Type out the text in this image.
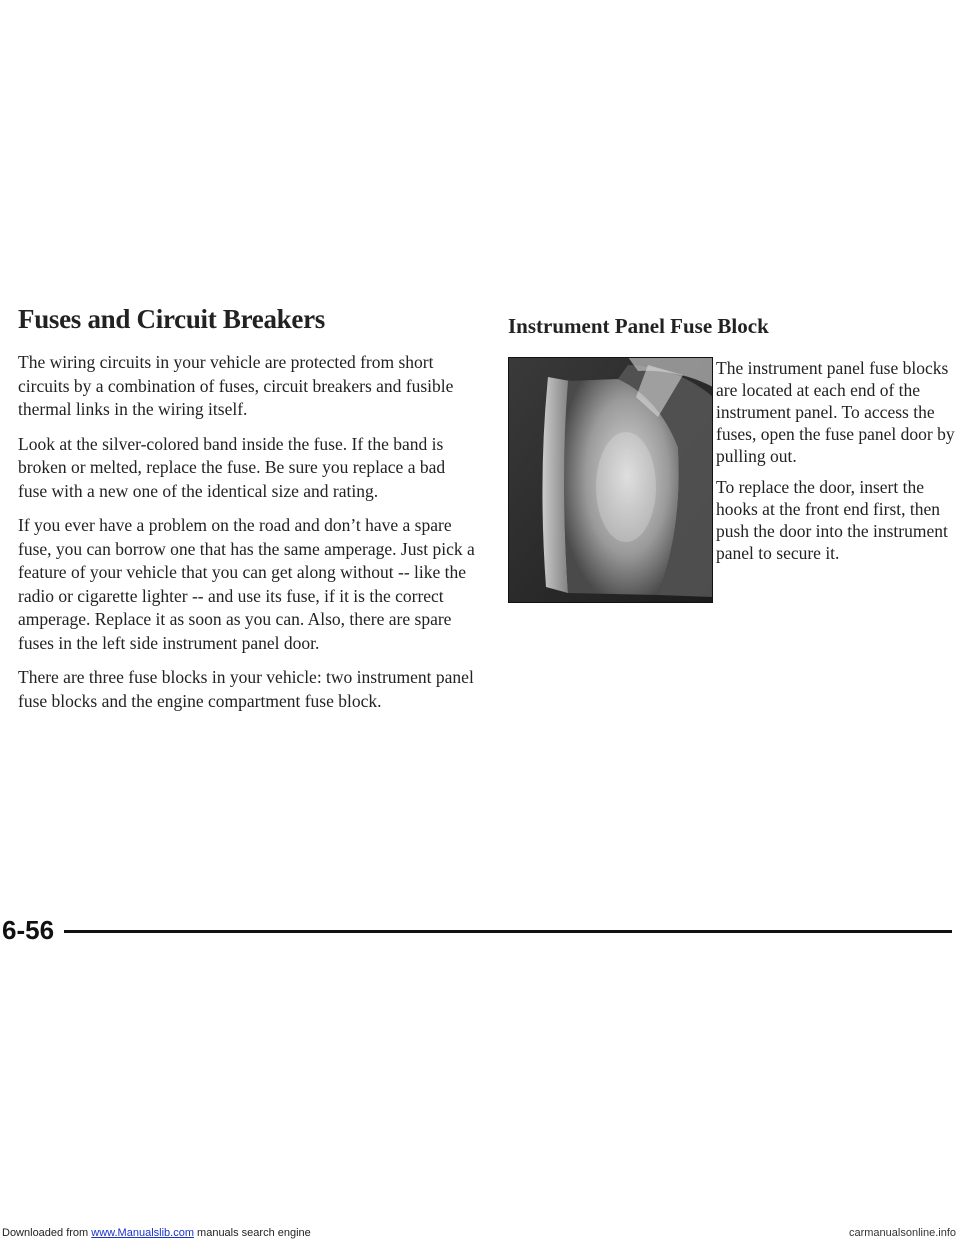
Fuses and Circuit Breakers

The wiring circuits in your vehicle are protected from short circuits by a combination of fuses, circuit breakers and fusible thermal links in the wiring itself.

Look at the silver-colored band inside the fuse. If the band is broken or melted, replace the fuse. Be sure you replace a bad fuse with a new one of the identical size and rating.

If you ever have a problem on the road and don’t have a spare fuse, you can borrow one that has the same amperage. Just pick a feature of your vehicle that you can get along without -- like the radio or cigarette lighter -- and use its fuse, if it is the correct amperage. Replace it as soon as you can. Also, there are spare fuses in the left side instrument panel door.

There are three fuse blocks in your vehicle: two instrument panel fuse blocks and the engine compartment fuse block.

Instrument Panel Fuse Block

The instrument panel fuse blocks are located at each end of the instrument panel. To access the fuses, open the fuse panel door by pulling out.

To replace the door, insert the hooks at the front end first, then push the door into the instrument panel to secure it.

6-56
Downloaded from www.Manualslib.com manuals search engine	carmanualsonline.info
